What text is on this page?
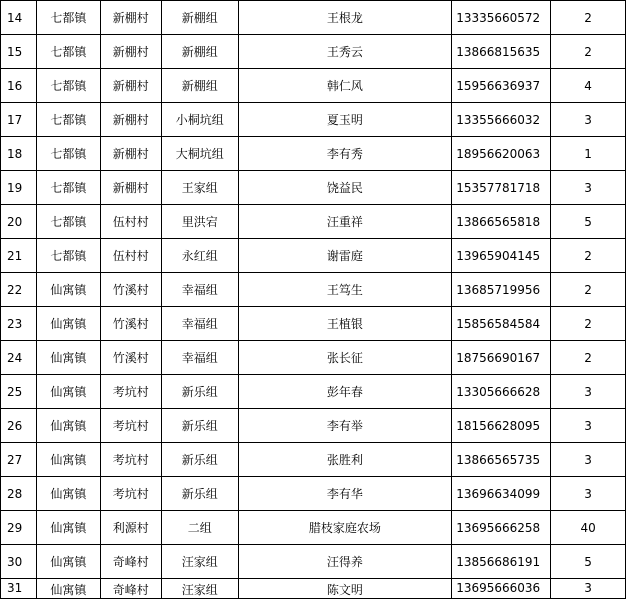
14	七都镇	新棚村	新棚组	王根龙	13335660572	2
15	七都镇	新棚村	新棚组	王秀云	13866815635	2
16	七都镇	新棚村	新棚组	韩仁风	15956636937	4
17	七都镇	新棚村	小桐坑组	夏玉明	13355666032	3
18	七都镇	新棚村	大桐坑组	李有秀	18956620063	1
19	七都镇	新棚村	王家组	饶益民	15357781718	3
20	七都镇	伍村村	里洪宕	汪重祥	13866565818	5
21	七都镇	伍村村	永红组	谢雷庭	13965904145	2
22	仙寓镇	竹溪村	幸福组	王笃生	13685719956	2
23	仙寓镇	竹溪村	幸福组	王植银	15856584584	2
24	仙寓镇	竹溪村	幸福组	张长征	18756690167	2
25	仙寓镇	考坑村	新乐组	彭年春	13305666628	3
26	仙寓镇	考坑村	新乐组	李有举	18156628095	3
27	仙寓镇	考坑村	新乐组	张胜利	13866565735	3
28	仙寓镇	考坑村	新乐组	李有华	13696634099	3
29	仙寓镇	利源村	二组	腊枝家庭农场	13695666258	40
30	仙寓镇	奇峰村	汪家组	汪得养	13856686191	5
31	仙寓镇	奇峰村	汪家组	陈文明	13695666036	3
